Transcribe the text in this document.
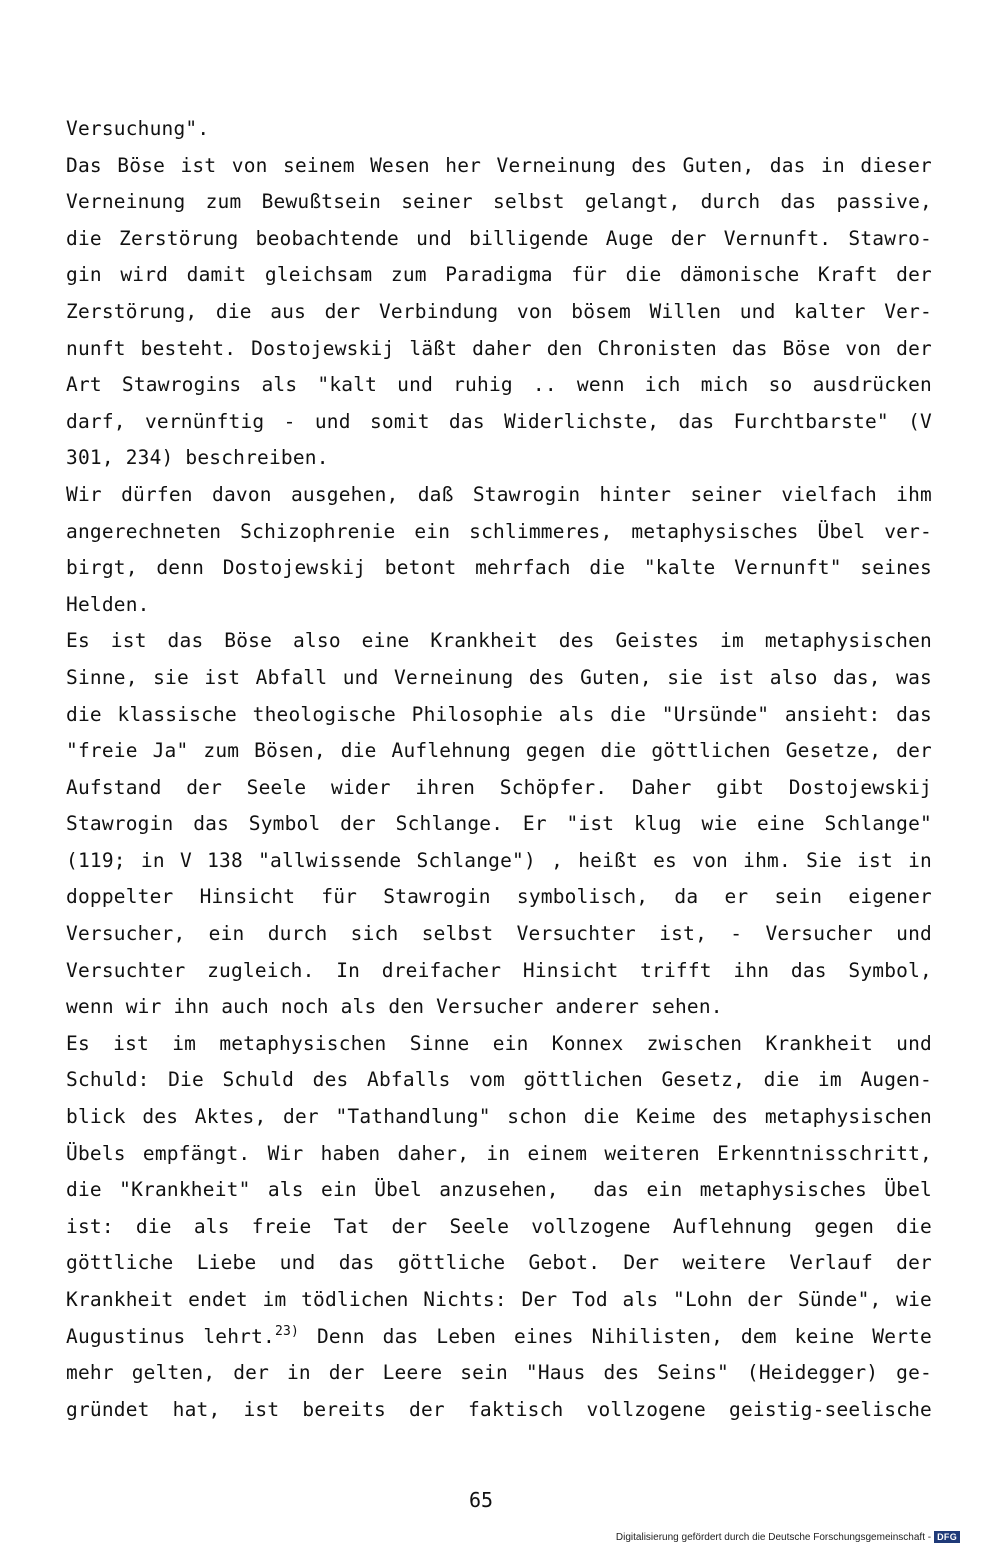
Versuchung".
Das Böse ist von seinem Wesen her Verneinung des Guten, das in dieser
Verneinung zum Bewußtsein seiner selbst gelangt, durch das passive,
die Zerstörung beobachtende und billigende Auge der Vernunft. Stawro-
gin wird damit gleichsam zum Paradigma für die dämonische Kraft der
Zerstörung, die aus der Verbindung von bösem Willen und kalter Ver-
nunft besteht. Dostojewskij läßt daher den Chronisten das Böse von der
Art Stawrogins als "kalt und ruhig .. wenn ich mich so ausdrücken
darf, vernünftig - und somit das Widerlichste, das Furchtbarste" (V
301, 234) beschreiben.
Wir dürfen davon ausgehen, daß Stawrogin hinter seiner vielfach ihm
angerechneten Schizophrenie ein schlimmeres, metaphysisches Übel ver-
birgt, denn Dostojewskij betont mehrfach die "kalte Vernunft" seines
Helden.
Es ist das Böse also eine Krankheit des Geistes im metaphysischen
Sinne, sie ist Abfall und Verneinung des Guten, sie ist also das, was
die klassische theologische Philosophie als die "Ursünde" ansieht: das
"freie Ja" zum Bösen, die Auflehnung gegen die göttlichen Gesetze, der
Aufstand der Seele wider ihren Schöpfer. Daher gibt Dostojewskij
Stawrogin das Symbol der Schlange. Er "ist klug wie eine Schlange"
(119; in V 138 "allwissende Schlange") , heißt es von ihm. Sie ist in
doppelter Hinsicht für Stawrogin symbolisch, da er sein eigener
Versucher, ein durch sich selbst Versuchter ist, - Versucher und
Versuchter zugleich. In dreifacher Hinsicht trifft ihn das Symbol,
wenn wir ihn auch noch als den Versucher anderer sehen.
Es ist im metaphysischen Sinne ein Konnex zwischen Krankheit und
Schuld: Die Schuld des Abfalls vom göttlichen Gesetz, die im Augen-
blick des Aktes, der "Tathandlung" schon die Keime des metaphysischen
Übels empfängt. Wir haben daher, in einem weiteren Erkenntnisschritt,
die "Krankheit" als ein Übel anzusehen,  das ein metaphysisches Übel
ist: die als freie Tat der Seele vollzogene Auflehnung gegen die
göttliche Liebe und das göttliche Gebot. Der weitere Verlauf der
Krankheit endet im tödlichen Nichts: Der Tod als "Lohn der Sünde", wie
Augustinus lehrt.$^{23)}$ Denn das Leben eines Nihilisten, dem keine Werte
mehr gelten, der in der Leere sein "Haus des Seins" (Heidegger) ge-
gründet hat, ist bereits der faktisch vollzogene geistig-seelische
65
Digitalisierung gefördert durch die Deutsche Forschungsgemeinschaft - DFG
